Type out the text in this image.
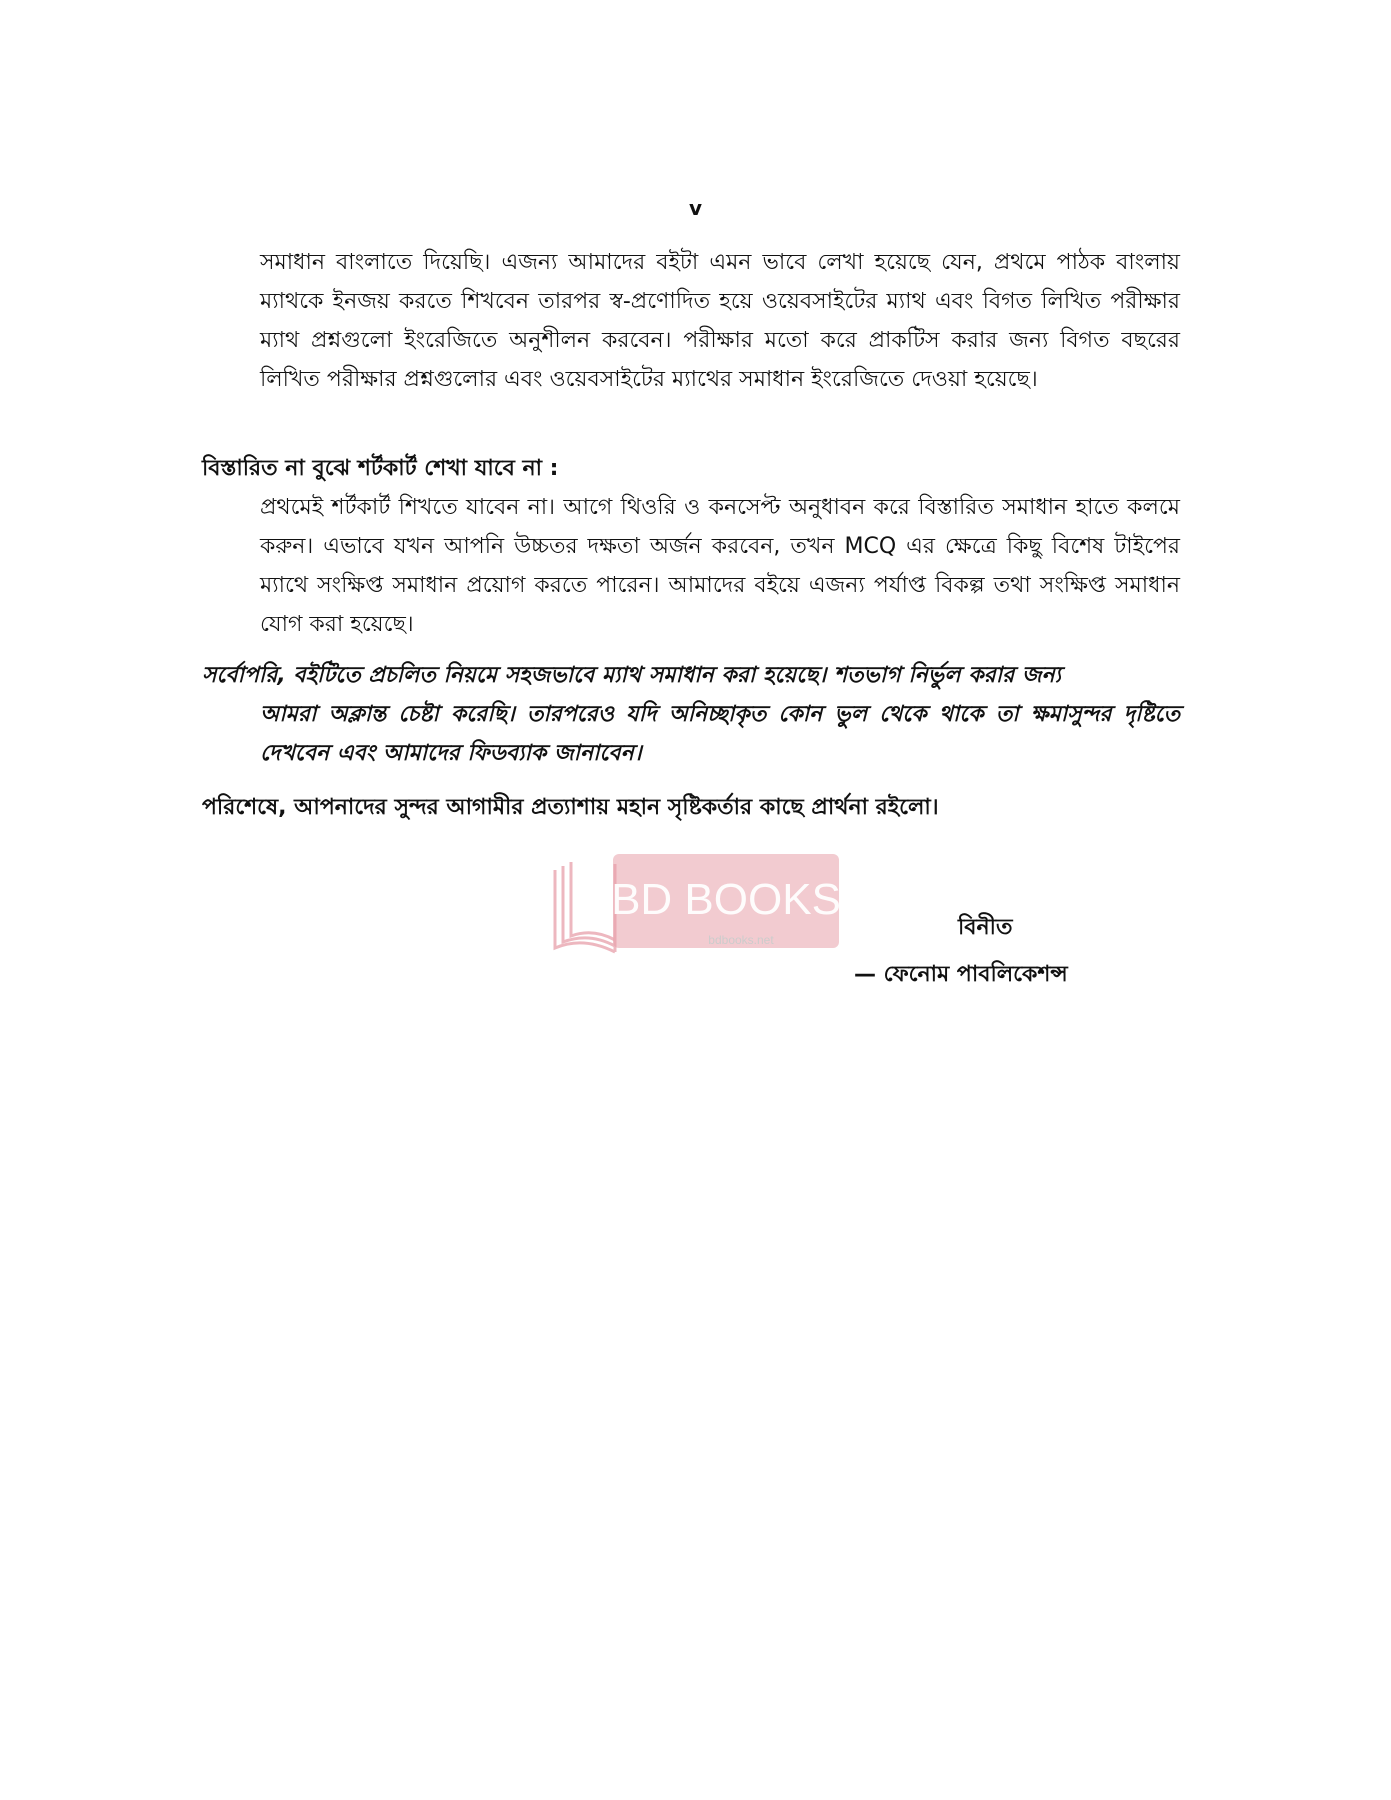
v

সমাধান বাংলাতে দিয়েছি। এজন্য আমাদের বইটা এমন ভাবে লেখা হয়েছে যেন, প্রথমে পাঠক বাংলায় ম্যাথকে ইনজয় করতে শিখবেন তারপর স্ব-প্রণোদিত হয়ে ওয়েবসাইটের ম্যাথ এবং বিগত লিখিত পরীক্ষার ম্যাথ প্রশ্নগুলো ইংরেজিতে অনুশীলন করবেন। পরীক্ষার মতো করে প্রাকটিস করার জন্য বিগত বছরের লিখিত পরীক্ষার প্রশ্নগুলোর এবং ওয়েবসাইটের ম্যাথের সমাধান ইংরেজিতে দেওয়া হয়েছে।

বিস্তারিত না বুঝে শর্টকার্ট শেখা যাবে না :

প্রথমেই শর্টকার্ট শিখতে যাবেন না। আগে থিওরি ও কনসেপ্ট অনুধাবন করে বিস্তারিত সমাধান হাতে কলমে করুন। এভাবে যখন আপনি উচ্চতর দক্ষতা অর্জন করবেন, তখন MCQ এর ক্ষেত্রে কিছু বিশেষ টাইপের ম্যাথে সংক্ষিপ্ত সমাধান প্রয়োগ করতে পারেন। আমাদের বইয়ে এজন্য পর্যাপ্ত বিকল্প তথা সংক্ষিপ্ত সমাধান যোগ করা হয়েছে।

সর্বোপরি, বইটিতে প্রচলিত নিয়মে সহজভাবে ম্যাথ সমাধান করা হয়েছে। শতভাগ নির্ভুল করার জন্য
আমরা অক্লান্ত চেষ্টা করেছি। তারপরেও যদি অনিচ্ছাকৃত কোন ভুল থেকে থাকে তা ক্ষমাসুন্দর দৃষ্টিতে দেখবেন এবং আমাদের ফিডব্যাক জানাবেন।

পরিশেষে, আপনাদের সুন্দর আগামীর প্রত্যাশায় মহান সৃষ্টিকর্তার কাছে প্রার্থনা রইলো।

BD BOOKS
bdbooks.net	বিনীত
— ফেনোম পাবলিকেশন্স
